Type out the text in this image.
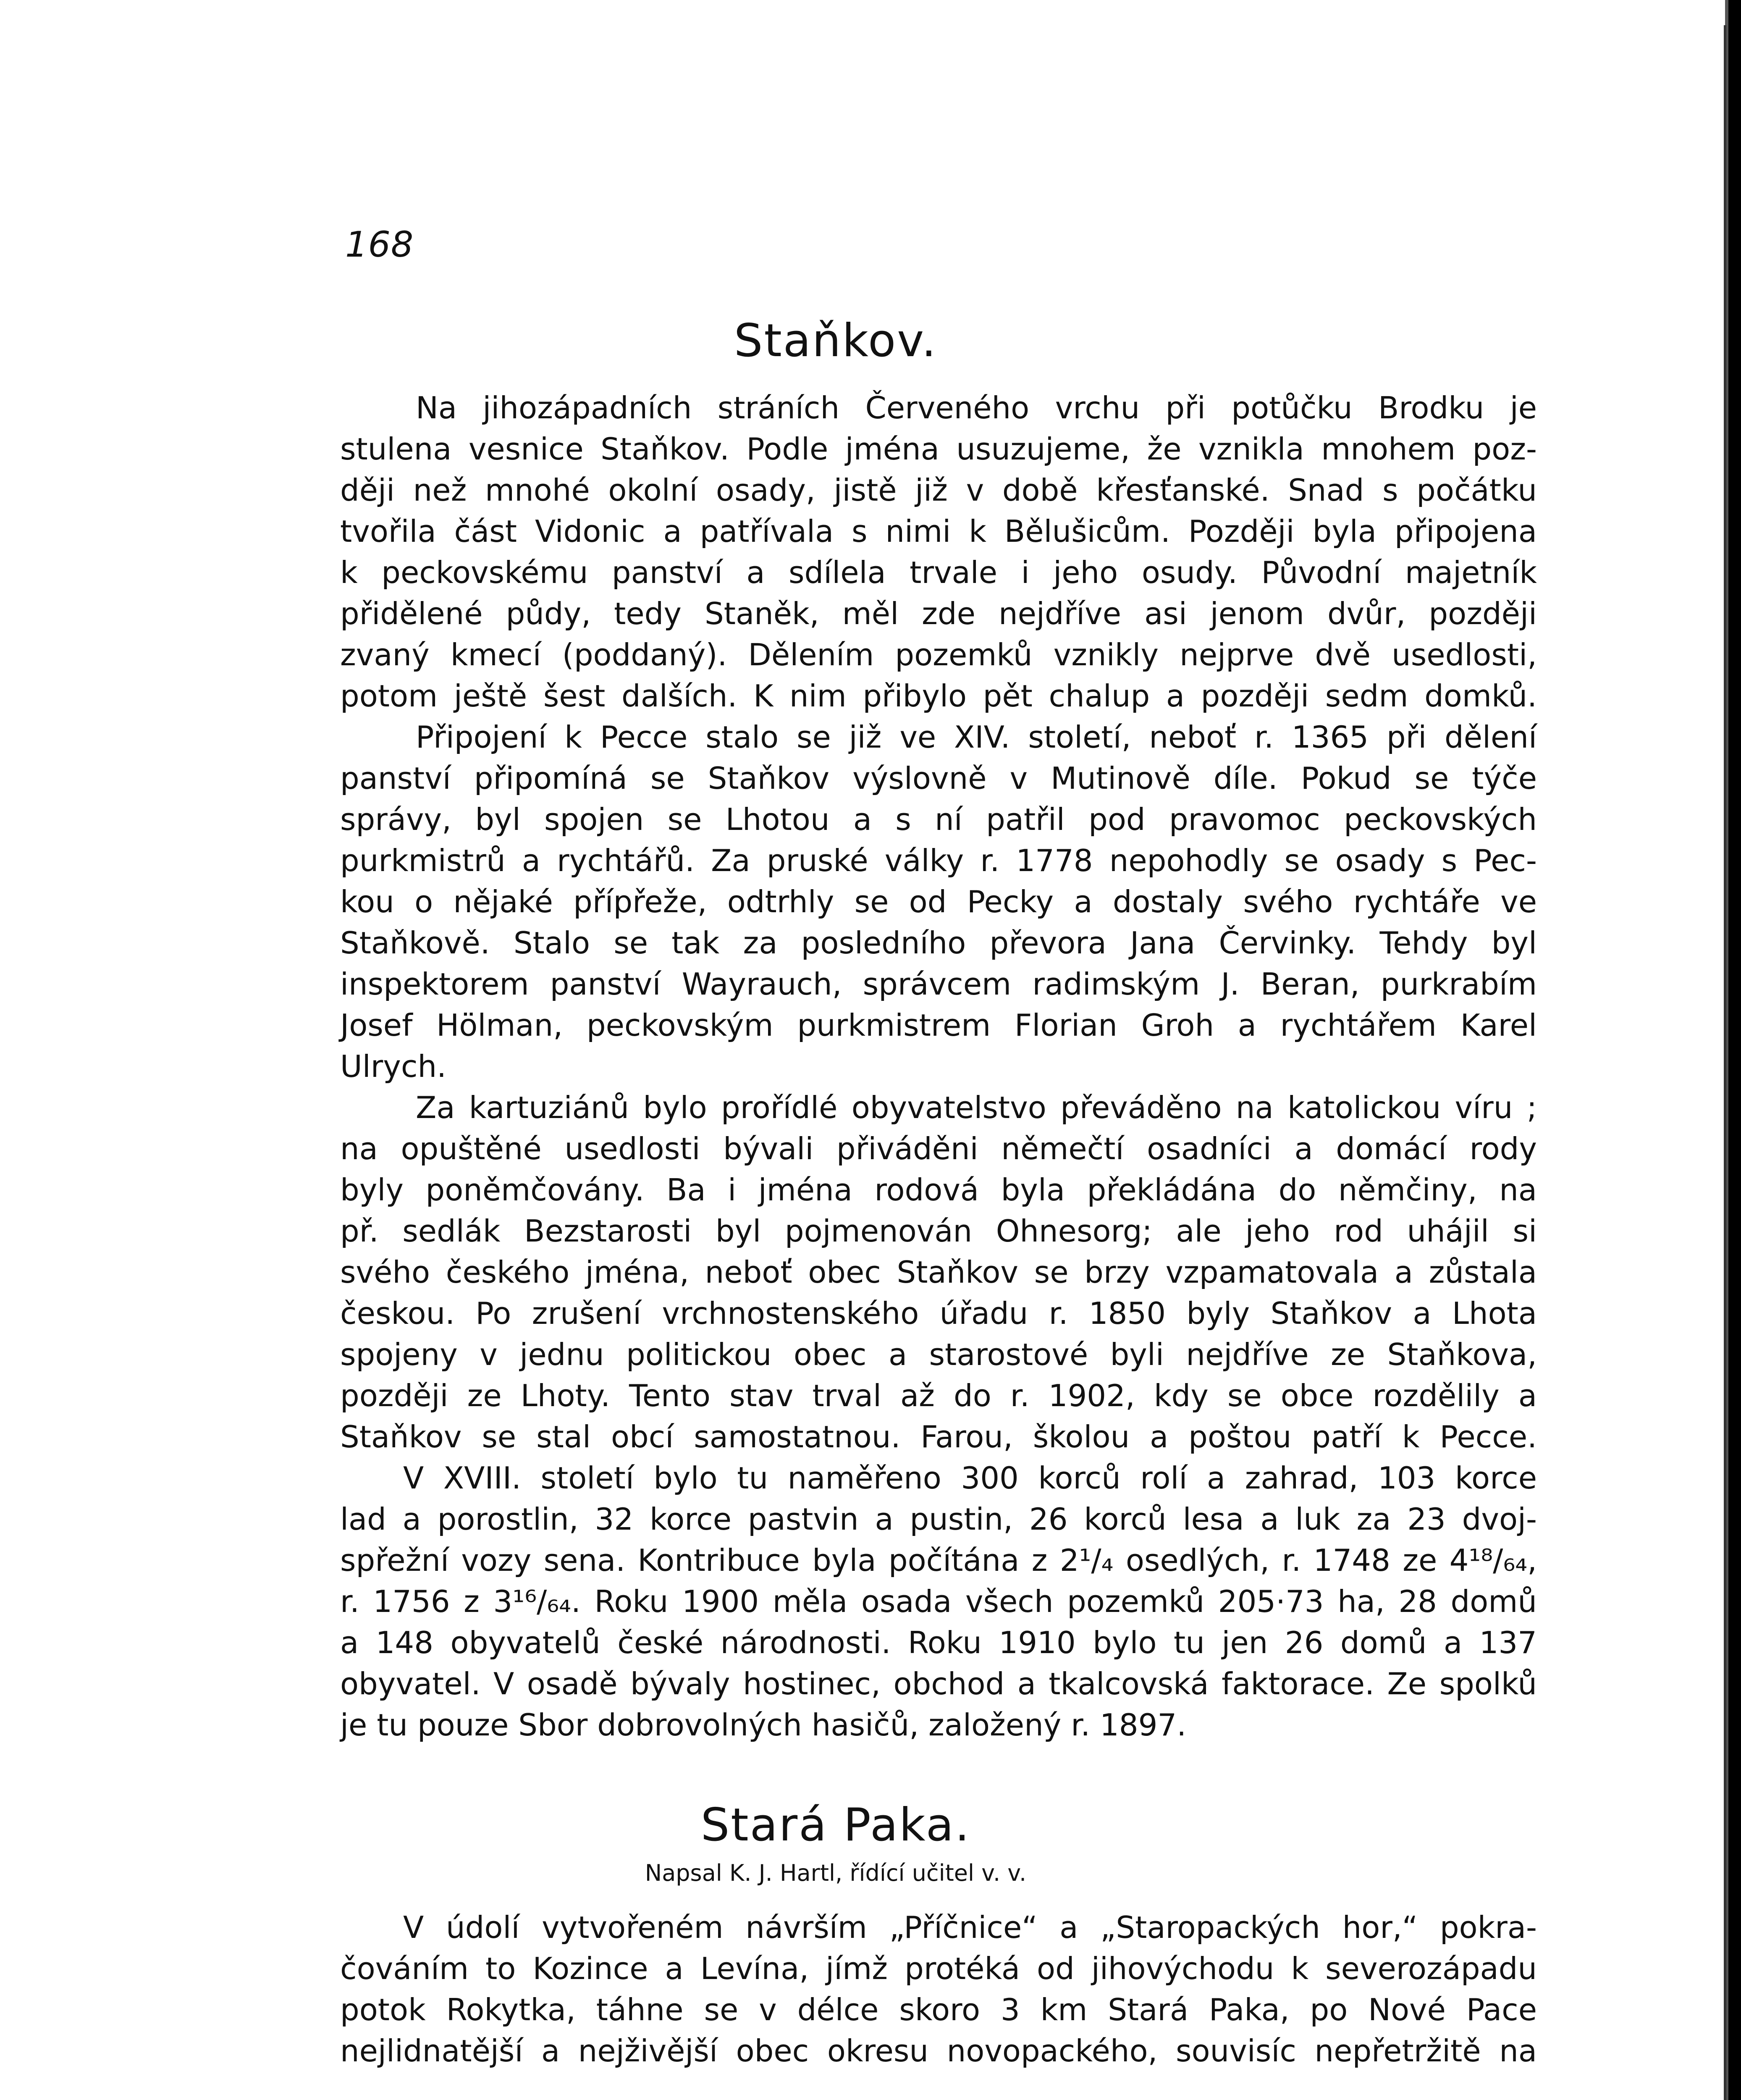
168
Staňkov.
Na jihozápadních stráních Červeného vrchu při potůčku Brodku je
stulena vesnice Staňkov. Podle jména usuzujeme, že vznikla mnohem poz-
ději než mnohé okolní osady, jistě již v době křesťanské. Snad s počátku
tvořila část Vidonic a patřívala s nimi k Bělušicům. Později byla připojena
k peckovskému panství a sdílela trvale i jeho osudy. Původní majetník
přidělené půdy, tedy Staněk, měl zde nejdříve asi jenom dvůr, později
zvaný kmecí (poddaný). Dělením pozemků vznikly nejprve dvě usedlosti,
potom ještě šest dalších. K nim přibylo pět chalup a později sedm domků.
Připojení k Pecce stalo se již ve XIV. století, neboť r. 1365 při dělení
panství připomíná se Staňkov výslovně v Mutinově díle. Pokud se týče
správy, byl spojen se Lhotou a s ní patřil pod pravomoc peckovských
purkmistrů a rychtářů. Za pruské války r. 1778 nepohodly se osady s Pec-
kou o nějaké přípřeže, odtrhly se od Pecky a dostaly svého rychtáře ve
Staňkově. Stalo se tak za posledního převora Jana Červinky. Tehdy byl
inspektorem panství Wayrauch, správcem radimským J. Beran, purkrabím
Josef Hölman, peckovským purkmistrem Florian Groh a rychtářem Karel
Ulrych.
Za kartuziánů bylo prořídlé obyvatelstvo převáděno na katolickou víru ;
na opuštěné usedlosti bývali přiváděni němečtí osadníci a domácí rody
byly poněmčovány. Ba i jména rodová byla překládána do němčiny, na
př. sedlák Bezstarosti byl pojmenován Ohnesorg; ale jeho rod uhájil si
svého českého jména, neboť obec Staňkov se brzy vzpamatovala a zůstala
českou. Po zrušení vrchnostenského úřadu r. 1850 byly Staňkov a Lhota
spojeny v jednu politickou obec a starostové byli nejdříve ze Staňkova,
později ze Lhoty. Tento stav trval až do r. 1902, kdy se obce rozdělily a
Staňkov se stal obcí samostatnou. Farou, školou a poštou patří k Pecce.
V XVIII. století bylo tu naměřeno 300 korců rolí a zahrad, 103 korce
lad a porostlin, 32 korce pastvin a pustin, 26 korců lesa a luk za 23 dvoj-
spřežní vozy sena. Kontribuce byla počítána z 2¹/₄ osedlých, r. 1748 ze 4¹⁸/₆₄,
r. 1756 z 3¹⁶/₆₄. Roku 1900 měla osada všech pozemků 205·73 ha, 28 domů
a 148 obyvatelů české národnosti. Roku 1910 bylo tu jen 26 domů a 137
obyvatel. V osadě bývaly hostinec, obchod a tkalcovská faktorace. Ze spolků
je tu pouze Sbor dobrovolných hasičů, založený r. 1897.
Stará Paka.
Napsal K. J. Hartl, řídící učitel v. v.
V údolí vytvořeném návrším „Příčnice“ a „Staropackých hor,“ pokra-
čováním to Kozince a Levína, jímž protéká od jihovýchodu k severozápadu
potok Rokytka, táhne se v délce skoro 3 km Stará Paka, po Nové Pace
nejlidnatější a nejživější obec okresu novopackého, souvisíc nepřetržitě na
